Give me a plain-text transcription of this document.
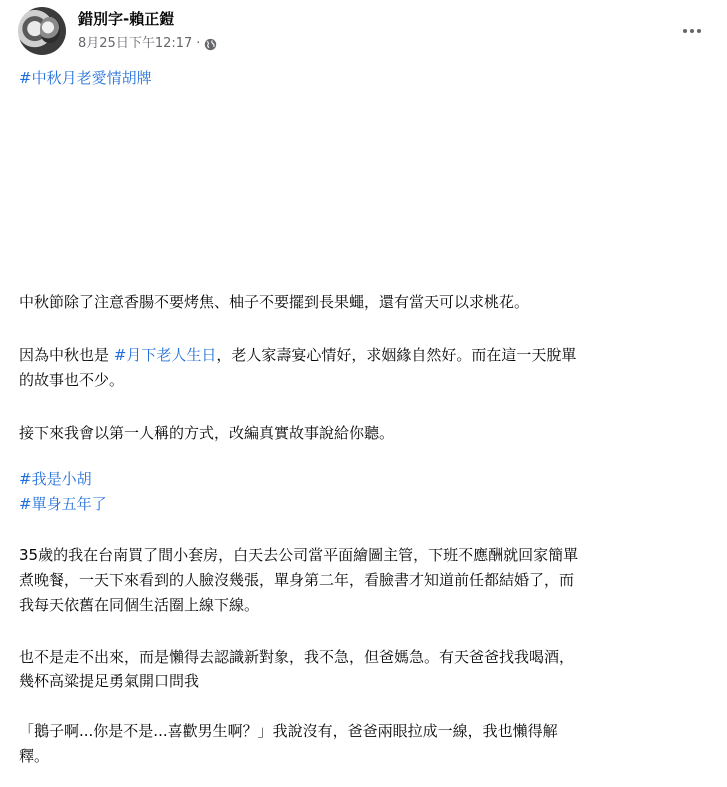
錯別字-賴正鎧
8月25日下午12:17 ·
#中秋月老愛情胡牌
中秋節除了注意香腸不要烤焦、柚子不要擺到長果蠅，還有當天可以求桃花。
因為中秋也是 #月下老人生日，老人家壽宴心情好，求姻緣自然好。而在這一天脫單
的故事也不少。
接下來我會以第一人稱的方式，改編真實故事說給你聽。
#我是小胡
#單身五年了
35歲的我在台南買了間小套房，白天去公司當平面繪圖主管，下班不應酬就回家簡單
煮晚餐，一天下來看到的人臉沒幾張，單身第二年，看臉書才知道前任都結婚了，而
我每天依舊在同個生活圈上線下線。
也不是走不出來，而是懶得去認識新對象，我不急，但爸媽急。有天爸爸找我喝酒，
幾杯高粱提足勇氣開口問我
「鵝子啊...你是不是...喜歡男生啊？」我說沒有，爸爸兩眼拉成一線，我也懶得解
釋。
